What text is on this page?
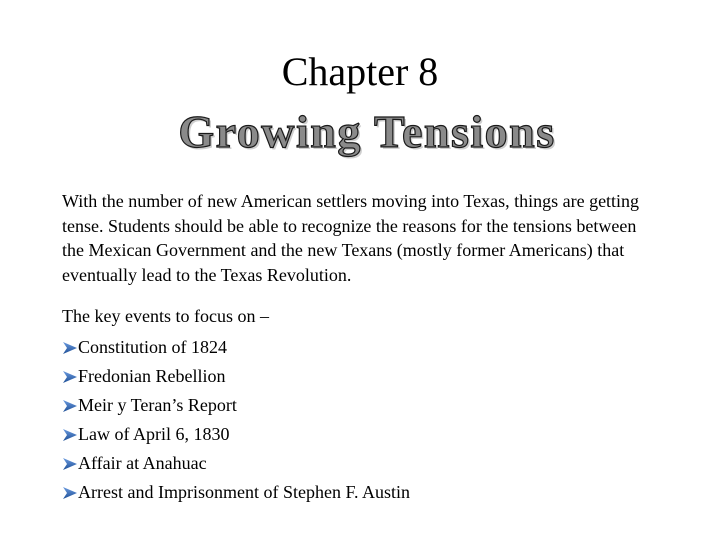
Chapter 8
Growing Tensions

With the number of new American settlers moving into Texas, things are getting tense. Students should be able to recognize the reasons for the tensions between the Mexican Government and the new Texans (mostly former Americans) that eventually lead to the Texas Revolution.

The key events to focus on –

Constitution of 1824
Fredonian Rebellion
Meir y Teran’s Report
Law of April 6, 1830
Affair at Anahuac
Arrest and Imprisonment of Stephen F. Austin
